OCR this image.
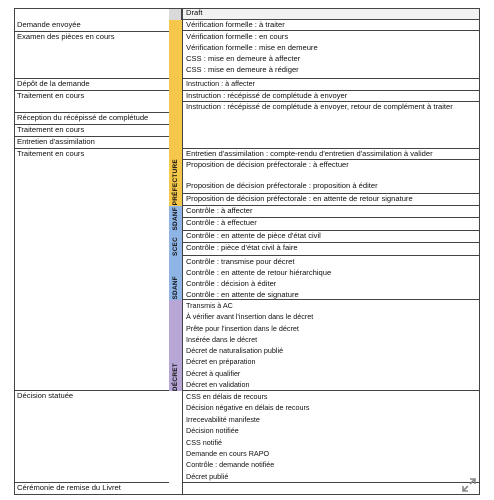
Draft
PRÉFECTURE
SDANF
SCEC
SDANF
DÉCRET
Demande envoyée
Examen des pièces en cours
Dépôt de la demande
Traitement en cours
Réception du récépissé de complétude
Traitement en cours
Entretien d'assimilation
Traitement en cours
Décision statuée
Cérémonie de remise du Livret
Vérification formelle : à traiter
Vérification formelle : en cours
Vérification formelle : mise en demeure
CSS : mise en demeure à affecter
CSS : mise en demeure à rédiger
Instruction : à affecter
Instruction : récépissé de complétude à envoyer
Instruction : récépissé de complétude à envoyer, retour de complément à traiter
Entretien d'assimilation : compte-rendu d'entretien d'assimilation à valider
Proposition de décision préfectorale : à effectuer
Proposition de décision préfectorale : proposition à éditer
Proposition de décision préfectorale : en attente de retour signature
Contrôle : à affecter
Contrôle : à effectuer
Contrôle : en attente de pièce d'état civil
Contrôle : pièce d'état civil à faire
Contrôle : transmise pour décret
Contrôle : en attente de retour hiérarchique
Contrôle : décision à éditer
Contrôle : en attente de signature
Transmis à AC
À vérifier avant l'insertion dans le décret
Prête pour l'insertion dans le décret
Insérée dans le décret
Décret de naturalisation publié
Décret en préparation
Décret à qualifier
Décret en validation
CSS en délais de recours
Décision négative en délais de recours
Irrecevabilité manifeste
Décision notifiée
CSS notifié
Demande en cours RAPO
Contrôle : demande notifiée
Décret publié
